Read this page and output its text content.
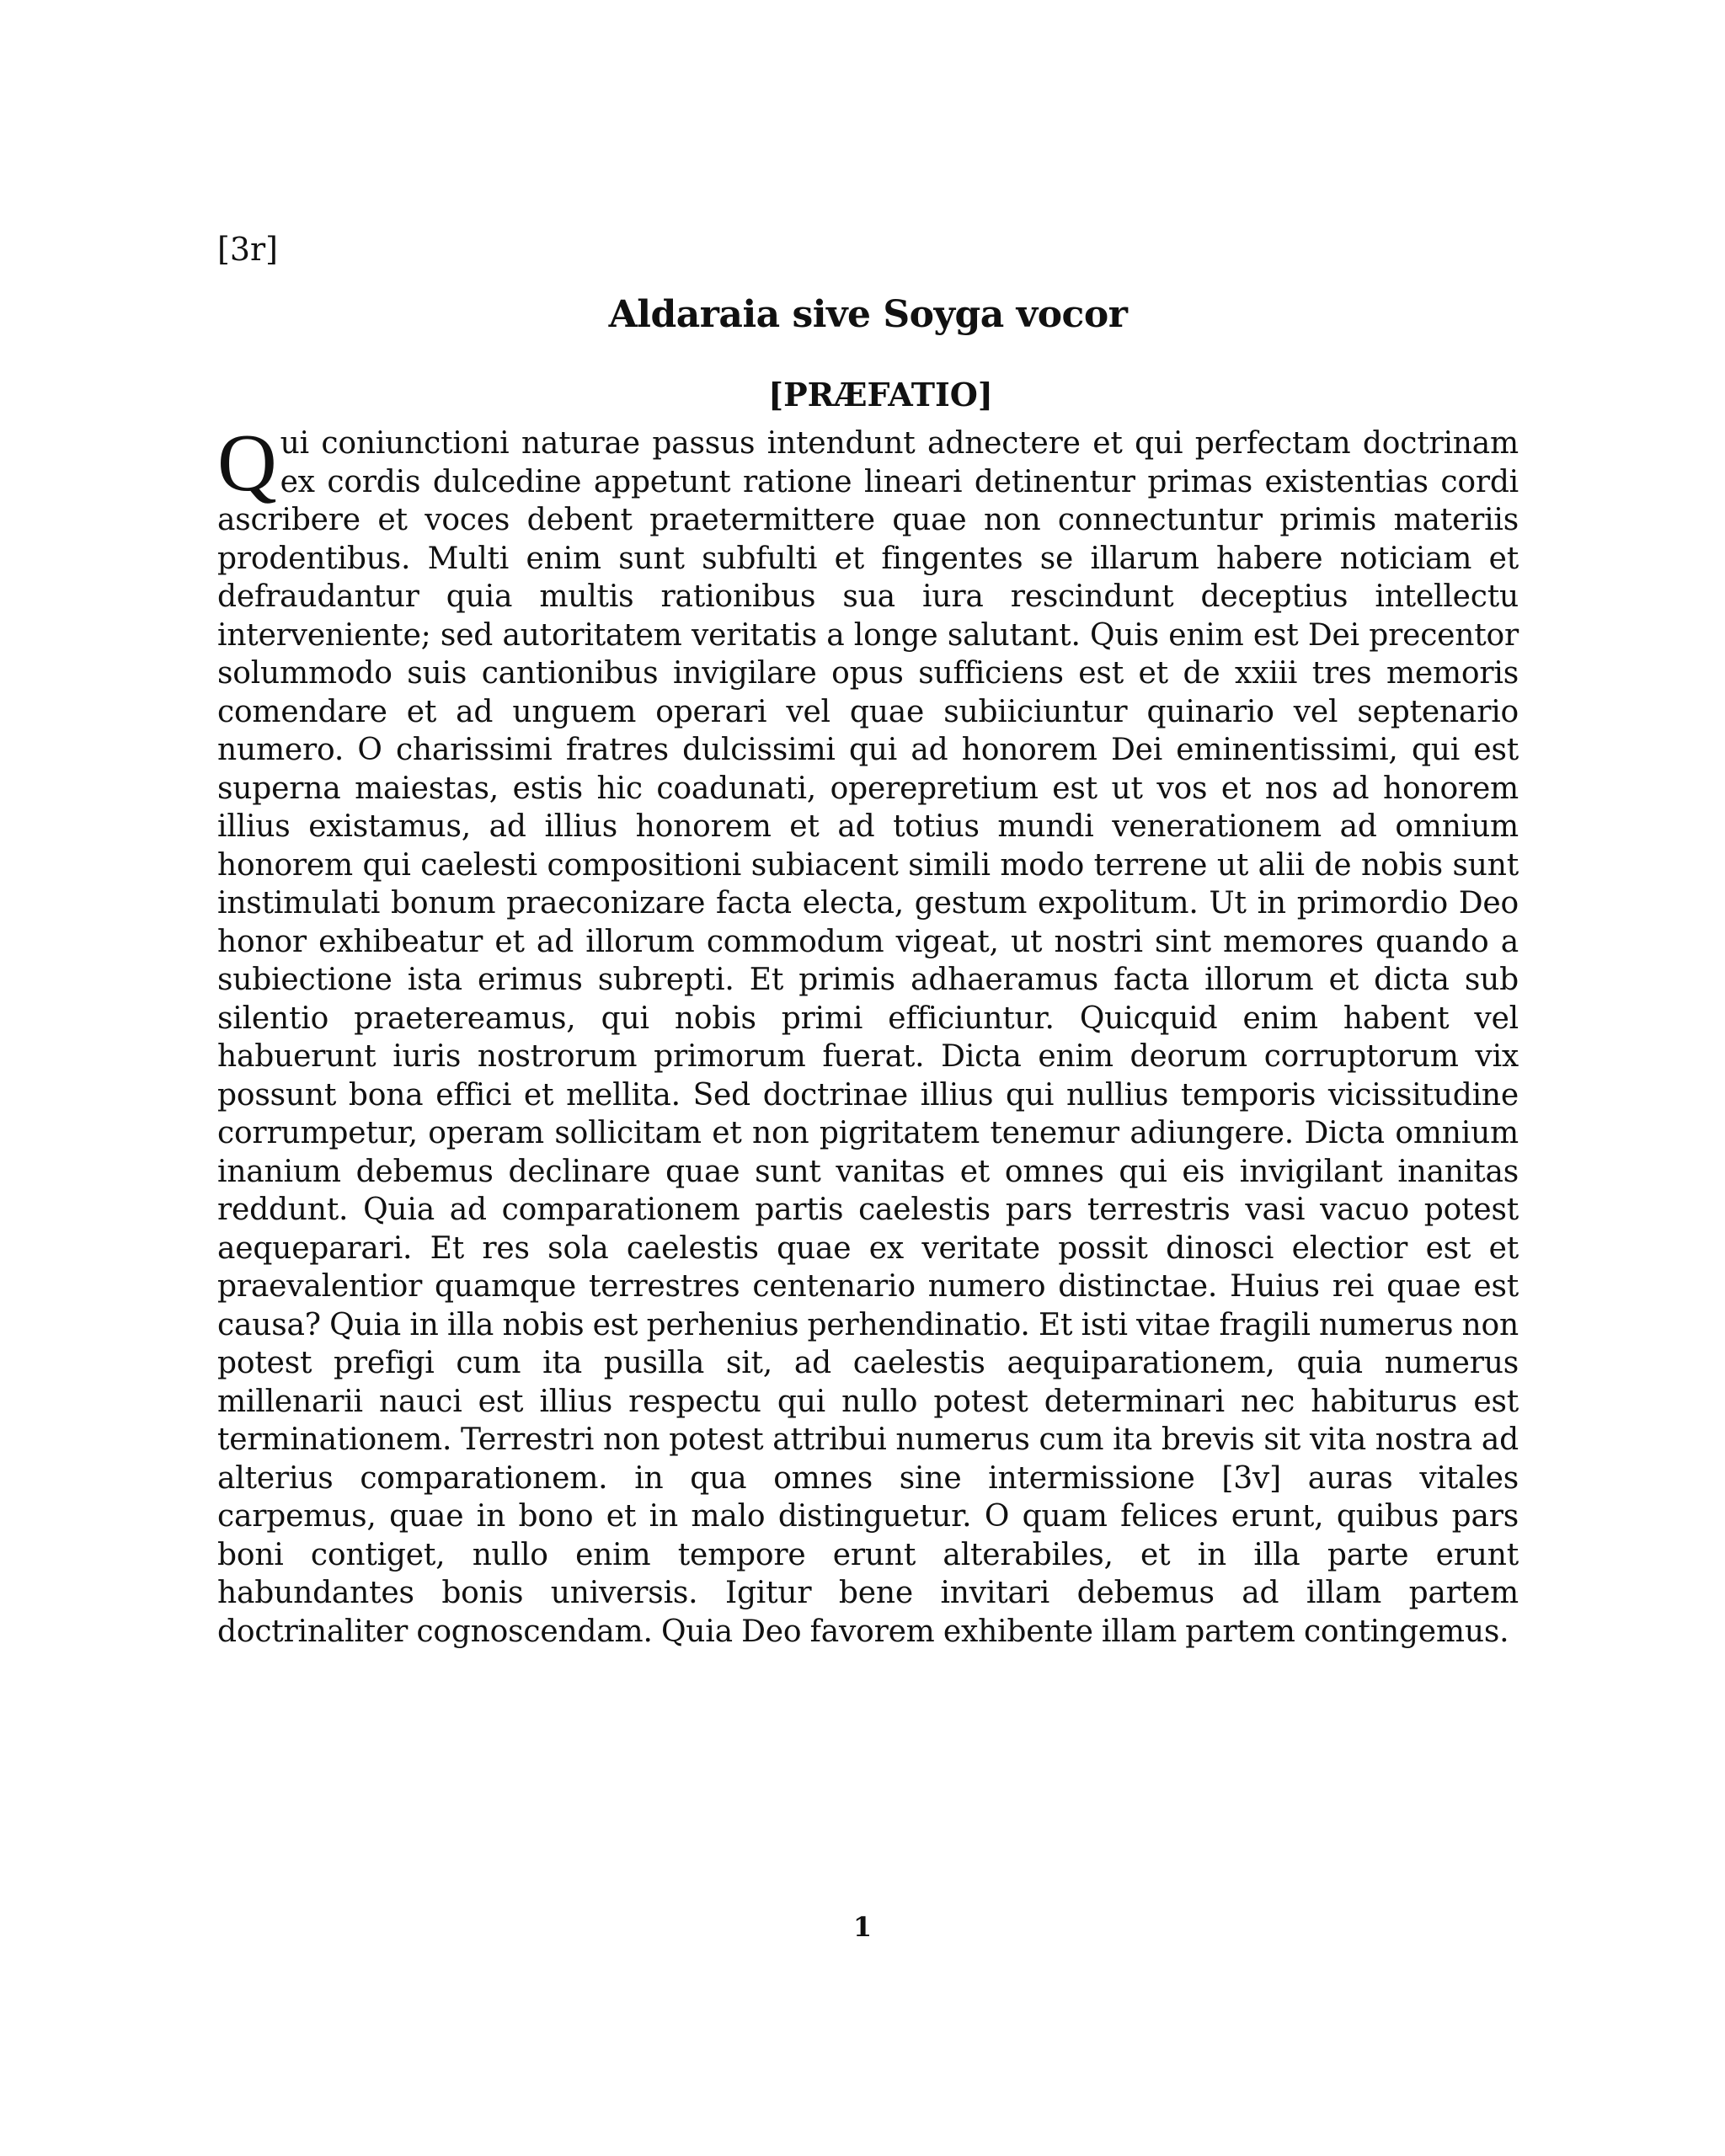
[3r]
Aldaraia sive Soyga vocor
[PRÆFATIO]
Qui coniunctioni naturae passus intendunt adnectere et qui perfectam doctrinam ex cordis dulcedine appetunt ratione lineari detinentur primas existentias cordi ascribere et voces debent praetermittere quae non connectuntur primis materiis prodentibus. Multi enim sunt subfulti et fingentes se illarum habere noticiam et defraudantur quia multis rationibus sua iura rescindunt deceptius intellectu interveniente; sed autoritatem veritatis a longe salutant. Quis enim est Dei precentor solummodo suis cantionibus invigilare opus sufficiens est et de xxiii tres memoris comendare et ad unguem operari vel quae subiiciuntur quinario vel septenario numero. O charissimi fratres dulcissimi qui ad honorem Dei eminentissimi, qui est superna maiestas, estis hic coadunati, operepretium est ut vos et nos ad honorem illius existamus, ad illius honorem et ad totius mundi venerationem ad omnium honorem qui caelesti compositioni subiacent simili modo terrene ut alii de nobis sunt instimulati bonum praeconizare facta electa, gestum expolitum. Ut in primordio Deo honor exhibeatur et ad illorum commodum vigeat, ut nostri sint memores quando a subiectione ista erimus subrepti. Et primis adhaeramus facta illorum et dicta sub silentio praetereamus, qui nobis primi efficiuntur. Quicquid enim habent vel habuerunt iuris nostrorum primorum fuerat. Dicta enim deorum corruptorum vix possunt bona effici et mellita. Sed doctrinae illius qui nullius temporis vicissitudine corrumpetur, operam sollicitam et non pigritatem tenemur adiungere. Dicta omnium inanium debemus declinare quae sunt vanitas et omnes qui eis invigilant inanitas reddunt. Quia ad comparationem partis caelestis pars terrestris vasi vacuo potest aequeparari. Et res sola caelestis quae ex veritate possit dinosci electior est et praevalentior quamque terrestres centenario numero distinctae. Huius rei quae est causa? Quia in illa nobis est perhenius perhendinatio. Et isti vitae fragili numerus non potest prefigi cum ita pusilla sit, ad caelestis aequiparationem, quia numerus millenarii nauci est illius respectu qui nullo potest determinari nec habiturus est terminationem. Terrestri non potest attribui numerus cum ita brevis sit vita nostra ad alterius comparationem. in qua omnes sine intermissione [3v] auras vitales carpemus, quae in bono et in malo distinguetur. O quam felices erunt, quibus pars boni contiget, nullo enim tempore erunt alterabiles, et in illa parte erunt habundantes bonis universis. Igitur bene invitari debemus ad illam partem doctrinaliter cognoscendam. Quia Deo favorem exhibente illam partem contingemus.
1
